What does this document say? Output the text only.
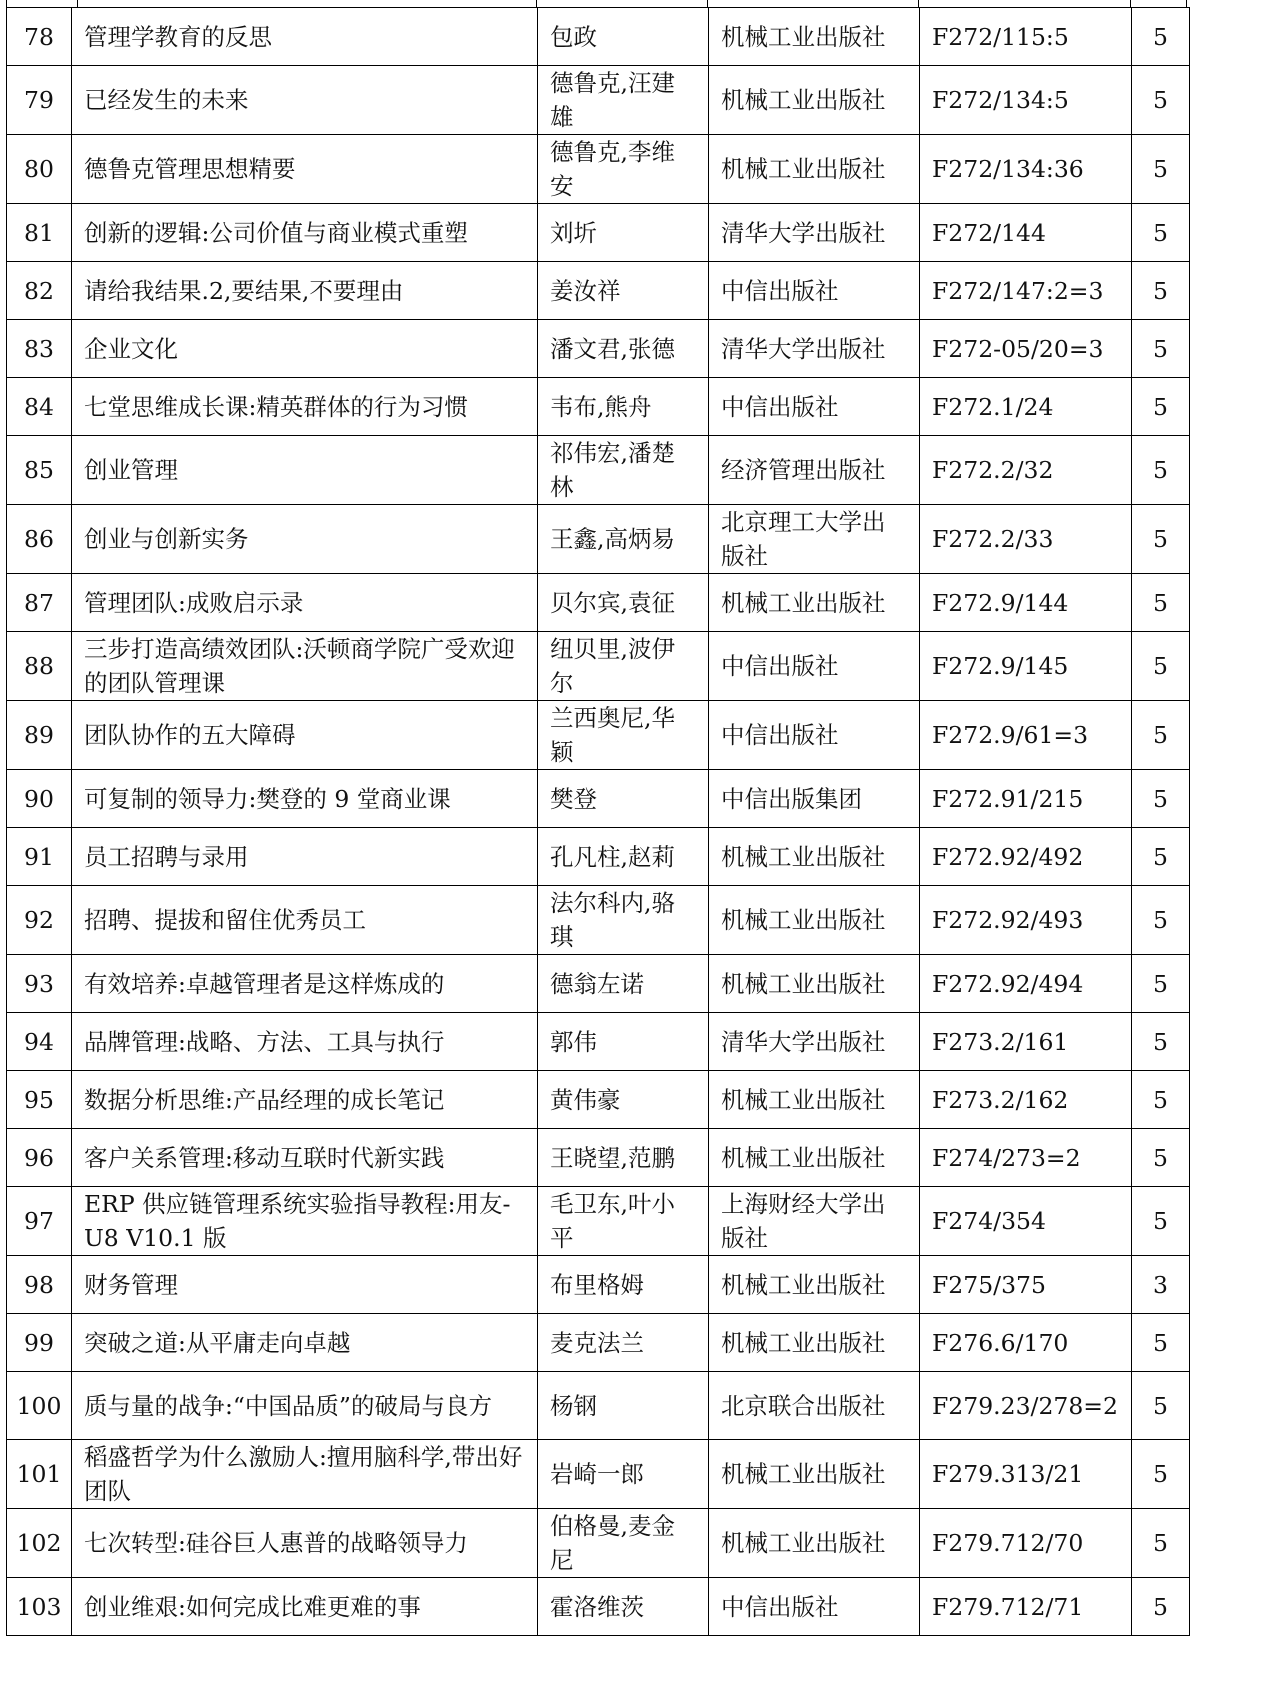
78	管理学教育的反思	包政	机械工业出版社	F272/115:5	5
79	已经发生的未来	德鲁克,汪建雄	机械工业出版社	F272/134:5	5
80	德鲁克管理思想精要	德鲁克,李维安	机械工业出版社	F272/134:36	5
81	创新的逻辑:公司价值与商业模式重塑	刘圻	清华大学出版社	F272/144	5
82	请给我结果.2,要结果,不要理由	姜汝祥	中信出版社	F272/147:2=3	5
83	企业文化	潘文君,张德	清华大学出版社	F272-05/20=3	5
84	七堂思维成长课:精英群体的行为习惯	韦布,熊舟	中信出版社	F272.1/24	5
85	创业管理	祁伟宏,潘楚林	经济管理出版社	F272.2/32	5
86	创业与创新实务	王鑫,高炳易	北京理工大学出版社	F272.2/33	5
87	管理团队:成败启示录	贝尔宾,袁征	机械工业出版社	F272.9/144	5
88	三步打造高绩效团队:沃顿商学院广受欢迎的团队管理课	纽贝里,波伊尔	中信出版社	F272.9/145	5
89	团队协作的五大障碍	兰西奥尼,华颖	中信出版社	F272.9/61=3	5
90	可复制的领导力:樊登的 9 堂商业课	樊登	中信出版集团	F272.91/215	5
91	员工招聘与录用	孔凡柱,赵莉	机械工业出版社	F272.92/492	5
92	招聘、提拔和留住优秀员工	法尔科内,骆琪	机械工业出版社	F272.92/493	5
93	有效培养:卓越管理者是这样炼成的	德翁左诺	机械工业出版社	F272.92/494	5
94	品牌管理:战略、方法、工具与执行	郭伟	清华大学出版社	F273.2/161	5
95	数据分析思维:产品经理的成长笔记	黄伟豪	机械工业出版社	F273.2/162	5
96	客户关系管理:移动互联时代新实践	王晓望,范鹏	机械工业出版社	F274/273=2	5
97	ERP 供应链管理系统实验指导教程:用友-U8 V10.1 版	毛卫东,叶小平	上海财经大学出版社	F274/354	5
98	财务管理	布里格姆	机械工业出版社	F275/375	3
99	突破之道:从平庸走向卓越	麦克法兰	机械工业出版社	F276.6/170	5
100	质与量的战争:“中国品质”的破局与良方	杨钢	北京联合出版社	F279.23/278=2	5
101	稻盛哲学为什么激励人:擅用脑科学,带出好团队	岩崎一郎	机械工业出版社	F279.313/21	5
102	七次转型:硅谷巨人惠普的战略领导力	伯格曼,麦金尼	机械工业出版社	F279.712/70	5
103	创业维艰:如何完成比难更难的事	霍洛维茨	中信出版社	F279.712/71	5
